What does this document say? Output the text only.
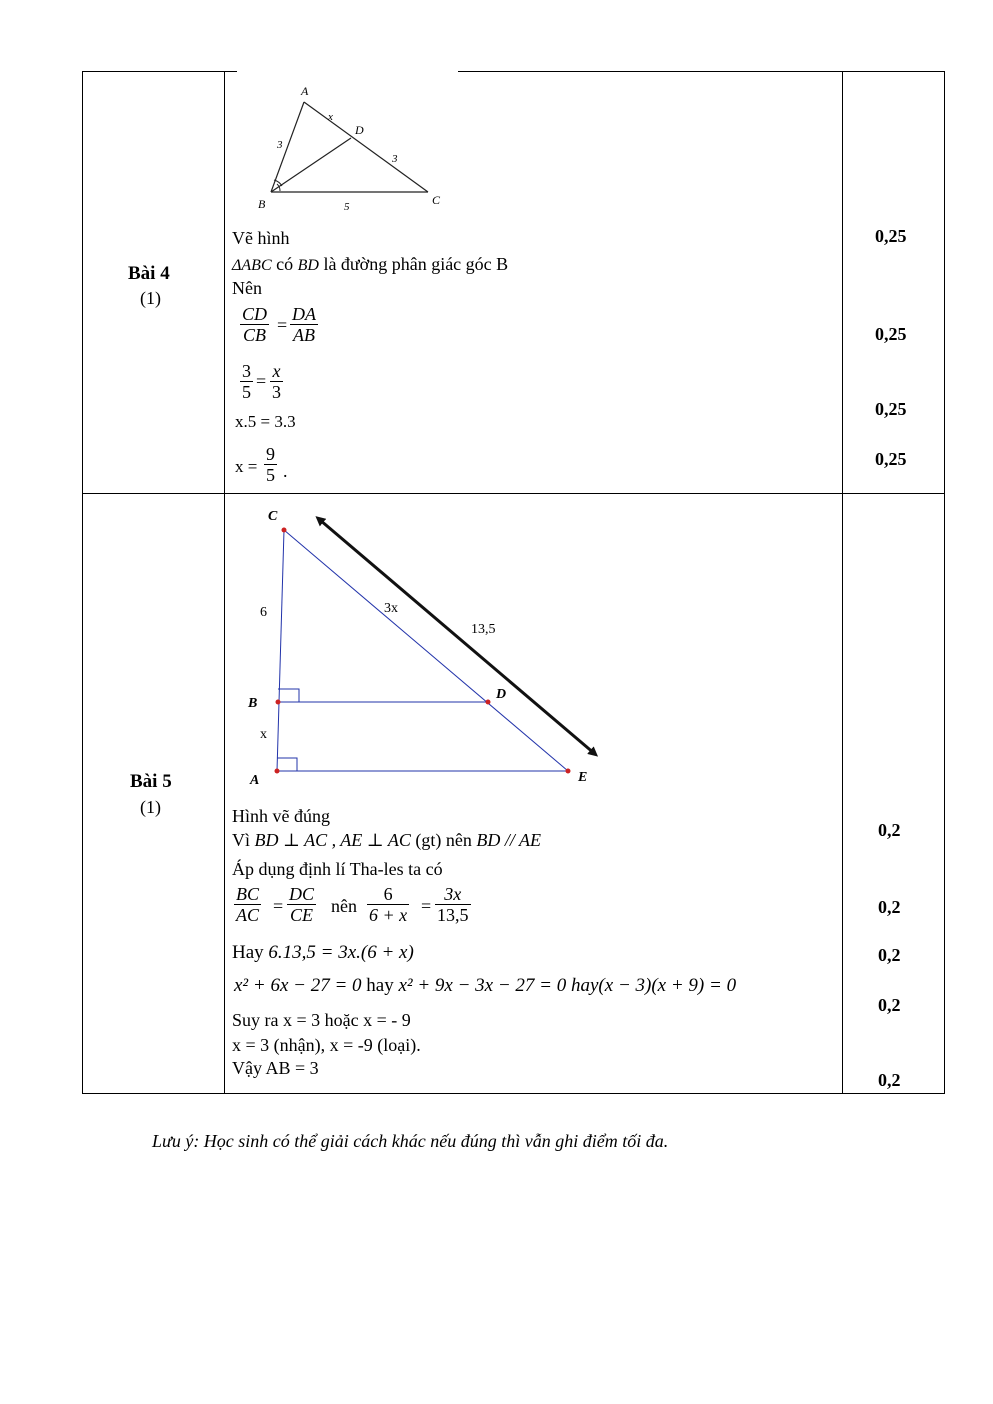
Bài 4
(1)
A
B	C
D
3
x
3
5
Vẽ hình
ΔABC có BD là đường phân giác góc B
Nên
$\frac{CD}{CB} = \frac{DA}{AB}$
$\frac{3}{5} = \frac{x}{3}$
x.5 = 3.3
$x = \frac{9}{5}$ .
0,25
0,25
0,25
0,25
Bài 5
(1)
C
B
A
D
E
6	3x
13,5
x
Hình vẽ đúng
Vì BD ⊥ AC , AE ⊥ AC (gt) nên BD // AE
Áp dụng định lí Tha-les ta có
$\frac{BC}{AC} = \frac{DC}{CE}$ nên $\frac{6}{6 + x} = \frac{3x}{13,5}$
Hay 6.13,5 = 3x.(6 + x)
x² + 6x − 27 = 0 hay x² + 9x − 3x − 27 = 0 hay(x − 3)(x + 9) = 0
Suy ra x = 3 hoặc x = - 9
x = 3 (nhận), x = -9 (loại).
Vậy AB = 3
0,2
0,2
0,2
0,2
0,2
Lưu ý: Học sinh có thể giải cách khác nếu đúng thì vẫn ghi điểm tối đa.
